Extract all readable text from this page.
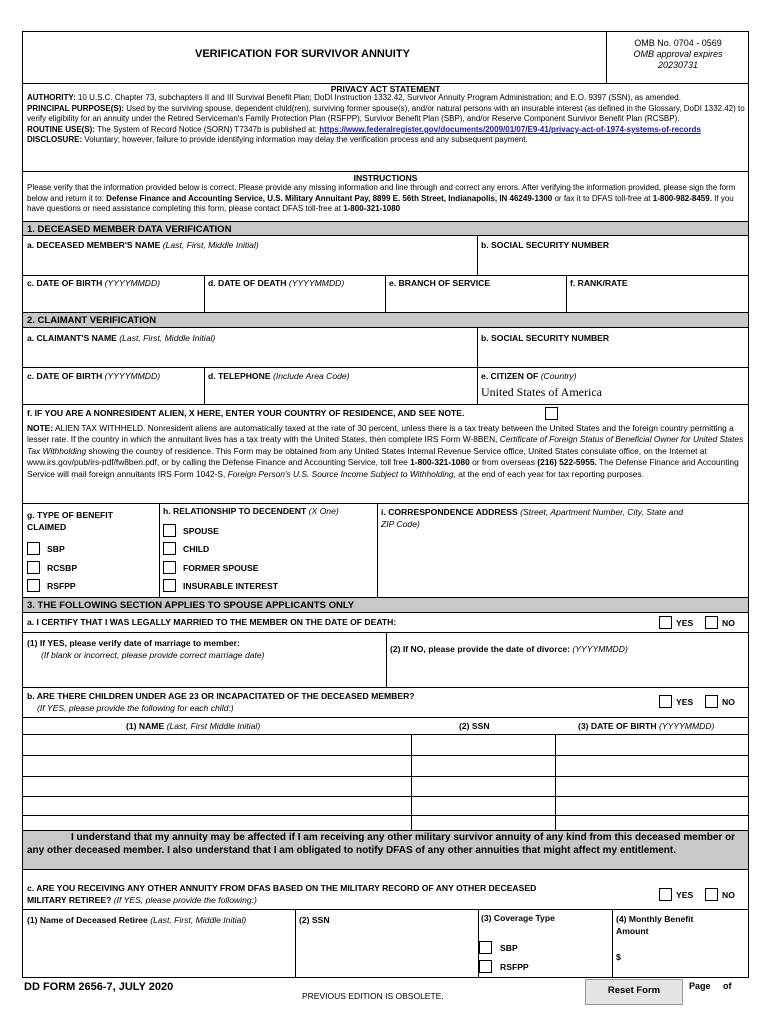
VERIFICATION FOR SURVIVOR ANNUITY
OMB No. 0704 - 0569
OMB approval expires
20230731
PRIVACY ACT STATEMENT
AUTHORITY: 10 U.S.C. Chapter 73, subchapters II and III Survival Benefit Plan; DoDI Instruction 1332.42, Survivor Annuity Program Administration; and E.O. 9397 (SSN), as amended.
PRINCIPAL PURPOSE(S): Used by the surviving spouse, dependent child(ren), surviving former spouse(s), and/or natural persons with an insurable interest (as defined in the Glossary, DoDI 1332.42) to verify eligibility for an annuity under the Retired Serviceman's Family Protection Plan (RSFPP), Survivor Benefit Plan (SBP), and/or Reserve Component Survivor Benefit Plan (RCSBP).
ROUTINE USE(S): The System of Record Notice (SORN) T7347b is published at: https://www.federalregister.gov/documents/2009/01/07/E9-41/privacy-act-of-1974-systems-of-records
DISCLOSURE: Voluntary; however, failure to provide identifying information may delay the verification process and any subsequent payment.
INSTRUCTIONS
Please verify that the information provided below is correct. Please provide any missing information and line through and correct any errors. After verifying the information provided, please sign the form below and return it to: Defense Finance and Accounting Service, U.S. Military Annuitant Pay, 8899 E. 56th Street, Indianapolis, IN 46249-1300 or fax it to DFAS toll-free at 1-800-982-8459. If you have questions or need assistance completing this form, please contact DFAS toll-free at 1-800-321-1080
1. DECEASED MEMBER DATA VERIFICATION
a. DECEASED MEMBER'S NAME (Last, First, Middle Initial)	b. SOCIAL SECURITY NUMBER
c. DATE OF BIRTH (YYYYMMDD)	d. DATE OF DEATH (YYYYMMDD)	e. BRANCH OF SERVICE	f. RANK/RATE
2. CLAIMANT VERIFICATION
a. CLAIMANT'S NAME (Last, First, Middle Initial)	b. SOCIAL SECURITY NUMBER
c. DATE OF BIRTH (YYYYMMDD)	d. TELEPHONE (Include Area Code)	e. CITIZEN OF (Country)
United States of America
f. IF YOU ARE A NONRESIDENT ALIEN, X HERE, ENTER YOUR COUNTRY OF RESIDENCE, AND SEE NOTE.
NOTE: ALIEN TAX WITHHELD. Nonresident aliens are automatically taxed at the rate of 30 percent, unless there is a tax treaty between the United States and the foreign country permitting a lesser rate. If the country in which the annuitant lives has a tax treaty with the United States, then complete IRS Form W-8BEN, Certificate of Foreign Status of Beneficial Owner for United States Tax Withholding showing the country of residence. This Form may be obtained from any United States Internal Revenue Service office, United States consulate office, on the Internet at www.irs.gov/pub/irs-pdf/fw8ben.pdf, or by calling the Defense Finance and Accounting Service, toll free 1-800-321-1080 or from overseas (216) 522-5955. The Defense Finance and Accounting Service will mail foreign annuitants IRS Form 1042-S, Foreign Person's U.S. Source Income Subject to Withholding, at the end of each year for tax reporting purposes.
g. TYPE OF BENEFIT
CLAIMED
SBP
RCSBP
RSFPP
h. RELATIONSHIP TO DECENDENT (X One)
SPOUSE
CHILD
FORMER SPOUSE
INSURABLE INTEREST
i. CORRESPONDENCE ADDRESS (Street, Apartment Number, City, State and
ZIP Code)
3. THE FOLLOWING SECTION APPLIES TO SPOUSE APPLICANTS ONLY
a. I CERTIFY THAT I WAS LEGALLY MARRIED TO THE MEMBER ON THE DATE OF DEATH:	YES	NO
(1) If YES, please verify date of marriage to member:
(If blank or incorrect, please provide correct marriage date)
(2) If NO, please provide the date of divorce: (YYYYMMDD)
b. ARE THERE CHILDREN UNDER AGE 23 OR INCAPACITATED OF THE DECEASED MEMBER?
(If YES, please provide the following for each child:)
YES	NO
(1) NAME (Last, First Middle Initial)	(2) SSN	(3) DATE OF BIRTH (YYYYMMDD)
I understand that my annuity may be affected if I am receiving any other military survivor annuity of any kind from this deceased member or any other deceased member. I also understand that I am obligated to notify DFAS of any other annuities that might affect my entitlement.
c. ARE YOU RECEIVING ANY OTHER ANNUITY FROM DFAS BASED ON THE MILITARY RECORD OF ANY OTHER DECEASED
MILITARY RETIREE? (If YES, please provide the following:)	YES	NO
(1) Name of Deceased Retiree (Last, First, Middle Initial)	(2) SSN	(3) Coverage Type
SBP
RSFPP
(4) Monthly Benefit
Amount
$
DD FORM 2656-7, JULY 2020
PREVIOUS EDITION IS OBSOLETE.	Reset Form	Page of
